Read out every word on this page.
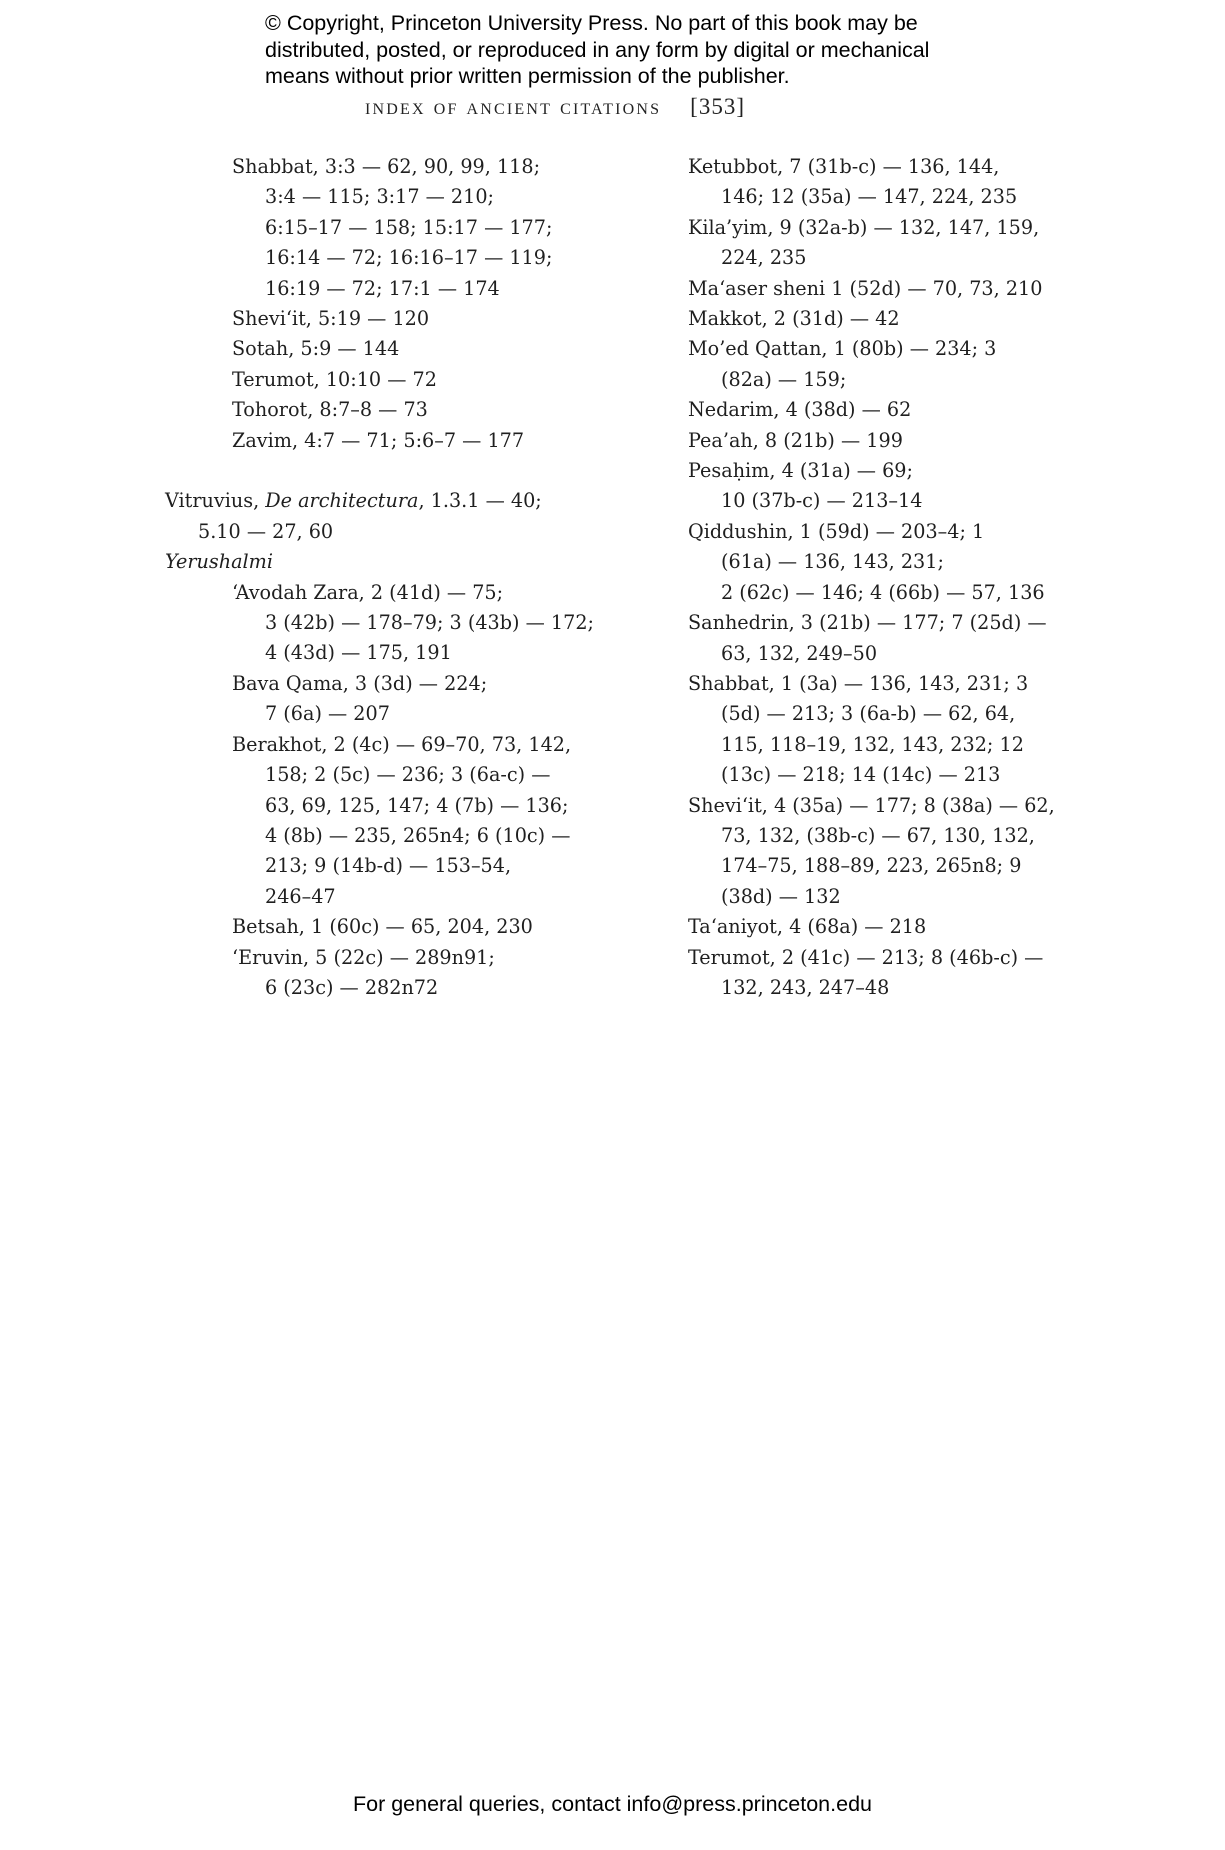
© Copyright, Princeton University Press. No part of this book may be
distributed, posted, or reproduced in any form by digital or mechanical
means without prior written permission of the publisher.
index of ancient citations [353]
Shabbat, 3:3 — 62, 90, 99, 118;
3:4 — 115; 3:17 — 210;
6:15–17 — 158; 15:17 — 177;
16:14 — 72; 16:16–17 — 119;
16:19 — 72; 17:1 — 174
Shevi‘it, 5:19 — 120
Sotah, 5:9 — 144
Terumot, 10:10 — 72
Tohorot, 8:7–8 — 73
Zavim, 4:7 — 71; 5:6–7 — 177
Vitruvius, De architectura, 1.3.1 — 40;
5.10 — 27, 60
Yerushalmi
‘Avodah Zara, 2 (41d) — 75;
3 (42b) — 178–79; 3 (43b) — 172;
4 (43d) — 175, 191
Bava Qama, 3 (3d) — 224;
7 (6a) — 207
Berakhot, 2 (4c) — 69–70, 73, 142,
158; 2 (5c) — 236; 3 (6a-c) —
63, 69, 125, 147; 4 (7b) — 136;
4 (8b) — 235, 265n4; 6 (10c) —
213; 9 (14b-d) — 153–54,
246–47
Betsah, 1 (60c) — 65, 204, 230
‘Eruvin, 5 (22c) — 289n91;
6 (23c) — 282n72
Ketubbot, 7 (31b-c) — 136, 144,
146; 12 (35a) — 147, 224, 235
Kila’yim, 9 (32a-b) — 132, 147, 159,
224, 235
Ma‘aser sheni 1 (52d) — 70, 73, 210
Makkot, 2 (31d) — 42
Mo’ed Qattan, 1 (80b) — 234; 3
(82a) — 159;
Nedarim, 4 (38d) — 62
Pea’ah, 8 (21b) — 199
Pesaḥim, 4 (31a) — 69;
10 (37b-c) — 213–14
Qiddushin, 1 (59d) — 203–4; 1
(61a) — 136, 143, 231;
2 (62c) — 146; 4 (66b) — 57, 136
Sanhedrin, 3 (21b) — 177; 7 (25d) —
63, 132, 249–50
Shabbat, 1 (3a) — 136, 143, 231; 3
(5d) — 213; 3 (6a-b) — 62, 64,
115, 118–19, 132, 143, 232; 12
(13c) — 218; 14 (14c) — 213
Shevi‘it, 4 (35a) — 177; 8 (38a) — 62,
73, 132, (38b-c) — 67, 130, 132,
174–75, 188–89, 223, 265n8; 9
(38d) — 132
Ta‘aniyot, 4 (68a) — 218
Terumot, 2 (41c) — 213; 8 (46b-c) —
132, 243, 247–48
For general queries, contact info@press.princeton.edu
